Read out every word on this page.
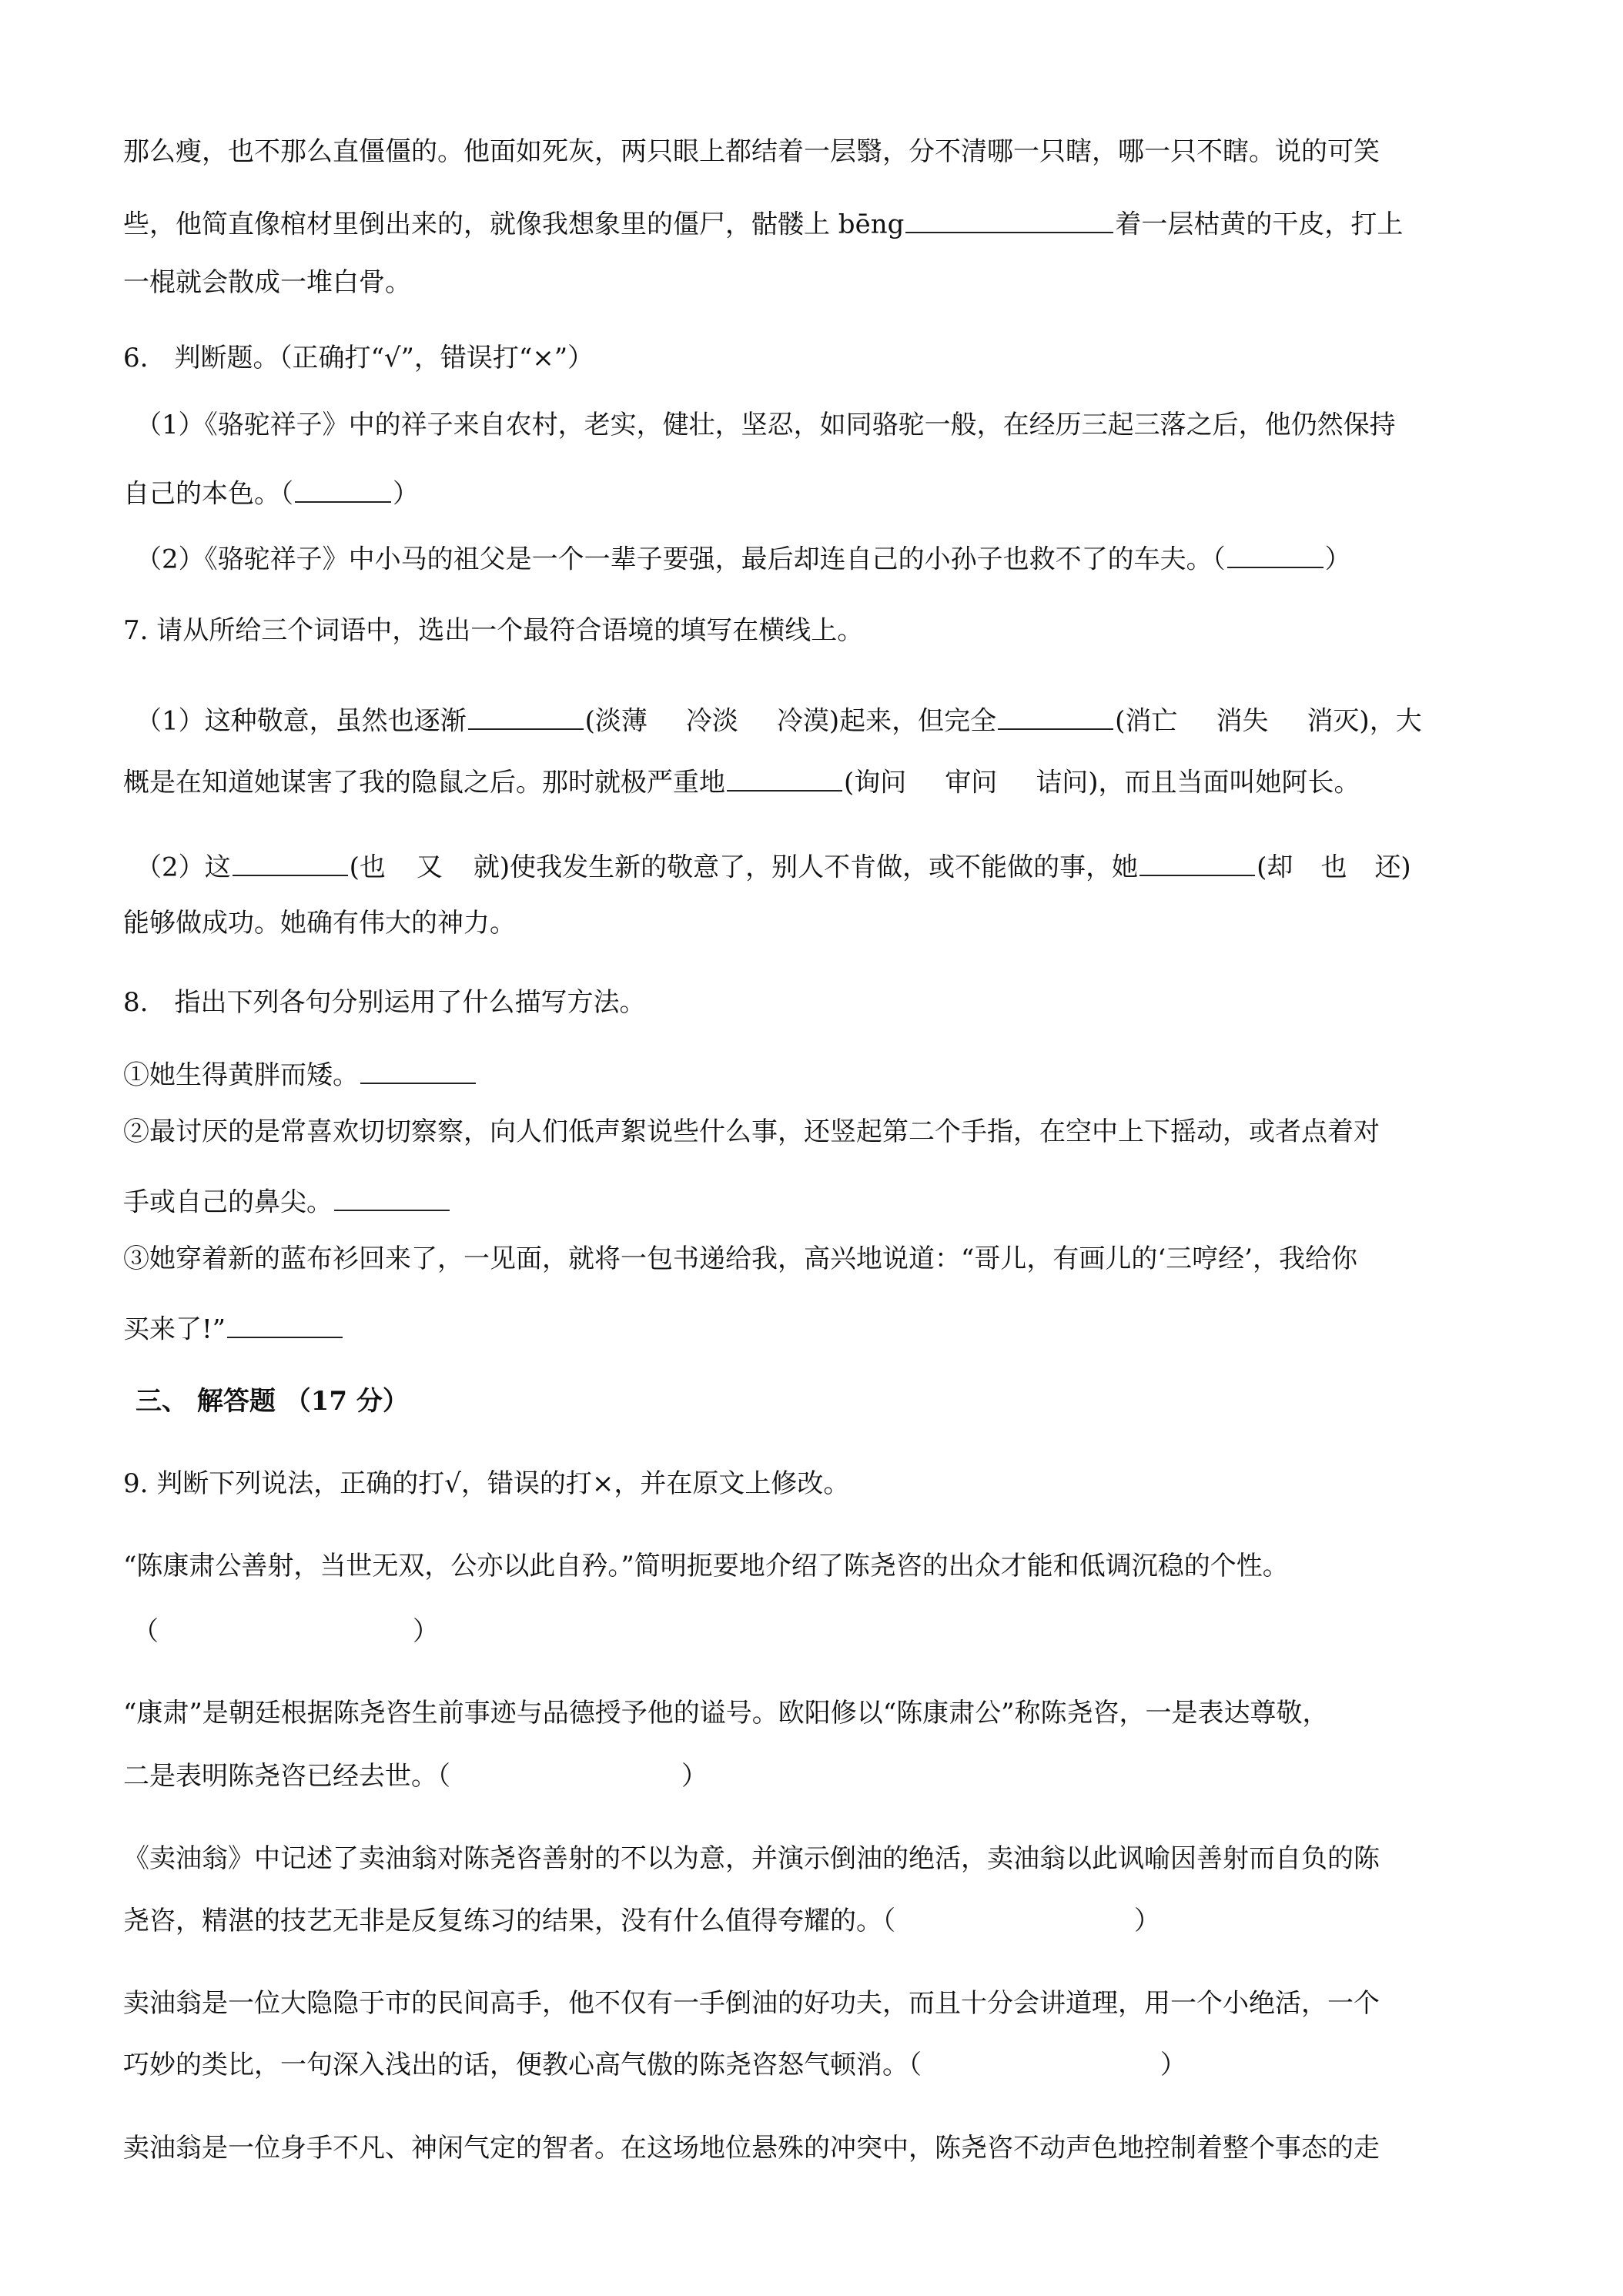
那么瘦，也不那么直僵僵的。他面如死灰，两只眼上都结着一层翳，分不清哪一只瞎，哪一只不瞎。说的可笑
些，他简直像棺材里倒出来的，就像我想象里的僵尸，骷髅上 bēng	着一层枯黄的干皮，打上
一棍就会散成一堆白骨。
6.　判断题。（正确打“√”，错误打“×”）
（1）《骆驼祥子》中的祥子来自农村，老实，健壮，坚忍，如同骆驼一般，在经历三起三落之后，他仍然保持
自己的本色。（	）
（2）《骆驼祥子》中小马的祖父是一个一辈子要强，最后却连自己的小孙子也救不了的车夫。（	）
7. 请从所给三个词语中，选出一个最符合语境的填写在横线上。
（1）这种敬意，虽然也逐渐	(淡薄 冷淡 冷漠)起来，但完全	(消亡 消失 消灭)，大
概是在知道她谋害了我的隐鼠之后。那时就极严重地	(询问 审问 诘问)，而且当面叫她阿长。
（2）这	(也 又 就)使我发生新的敬意了，别人不肯做，或不能做的事，她	(却 也 还)
能够做成功。她确有伟大的神力。
8.　指出下列各句分别运用了什么描写方法。
①她生得黄胖而矮。
②最讨厌的是常喜欢切切察察，向人们低声絮说些什么事，还竖起第二个手指，在空中上下摇动，或者点着对
手或自己的鼻尖。
③她穿着新的蓝布衫回来了，一见面，就将一包书递给我，高兴地说道：“哥儿，有画儿的‘三哼经’，我给你
买来了!”
三、 解答题 （17 分）
9. 判断下列说法，正确的打√，错误的打×，并在原文上修改。
“陈康肃公善射，当世无双，公亦以此自矜。”简明扼要地介绍了陈尧咨的出众才能和低调沉稳的个性。
（	）
“康肃”是朝廷根据陈尧咨生前事迹与品德授予他的谥号。欧阳修以“陈康肃公”称陈尧咨，一是表达尊敬，
二是表明陈尧咨已经去世。（	）
《卖油翁》中记述了卖油翁对陈尧咨善射的不以为意，并演示倒油的绝活，卖油翁以此讽喻因善射而自负的陈
尧咨，精湛的技艺无非是反复练习的结果，没有什么值得夸耀的。（	）
卖油翁是一位大隐隐于市的民间高手，他不仅有一手倒油的好功夫，而且十分会讲道理，用一个小绝活，一个
巧妙的类比，一句深入浅出的话，便教心高气傲的陈尧咨怒气顿消。（	）
卖油翁是一位身手不凡、神闲气定的智者。在这场地位悬殊的冲突中，陈尧咨不动声色地控制着整个事态的走
